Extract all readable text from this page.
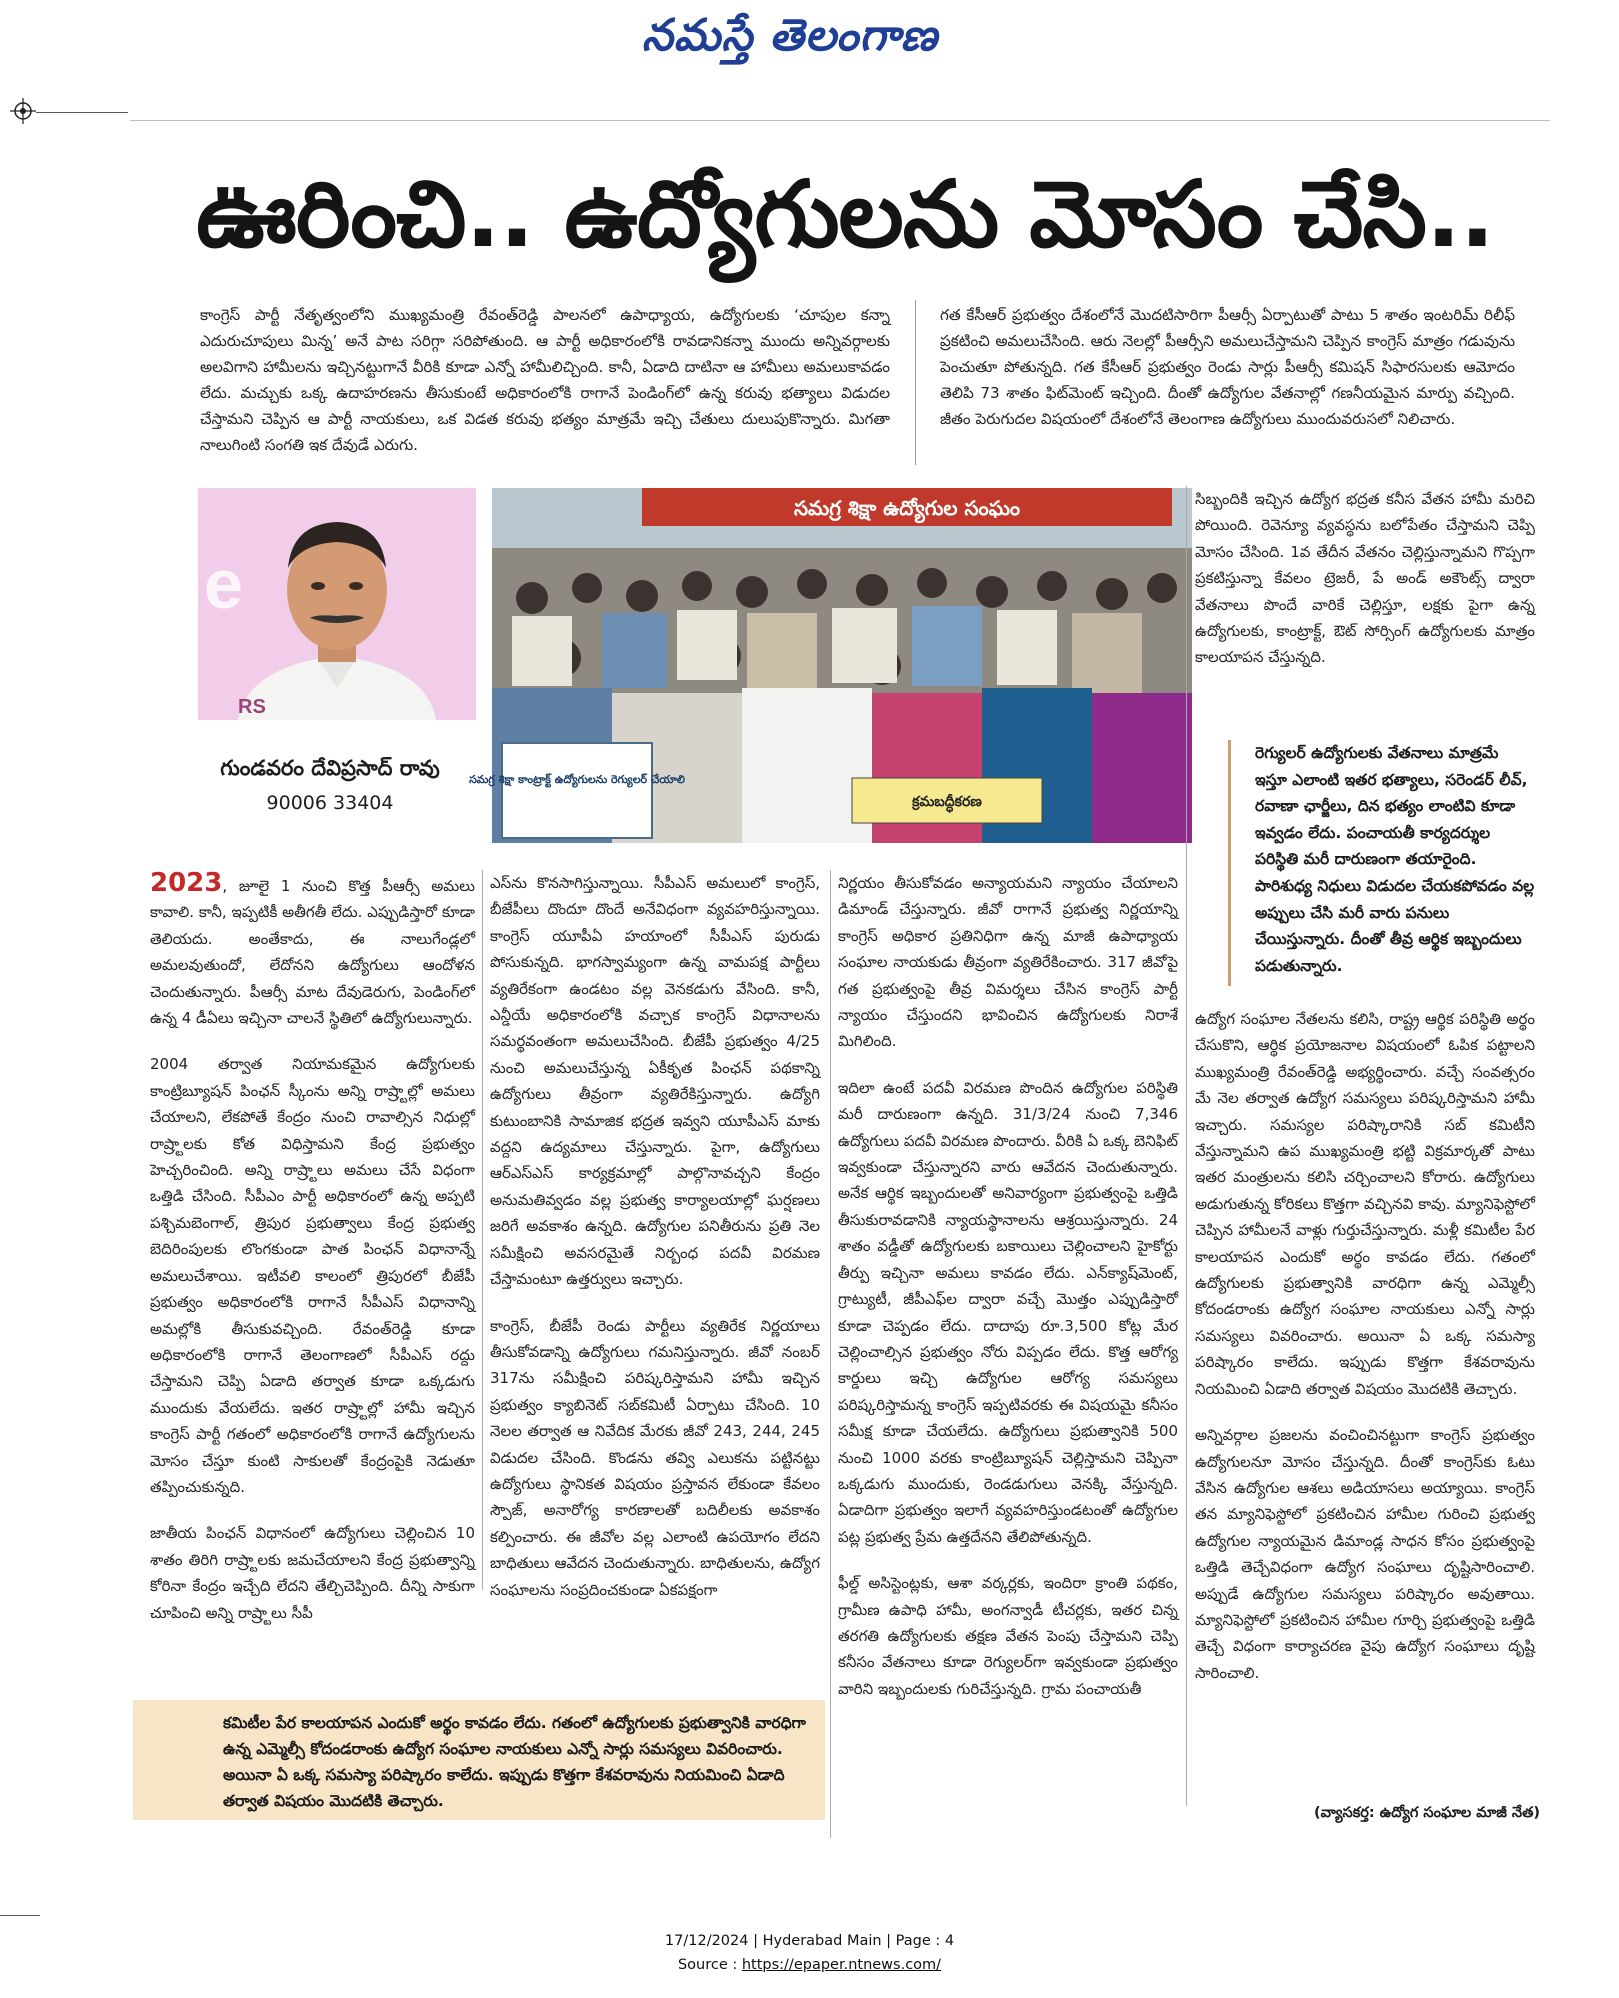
నమస్తే తెలంగాణ
ఊరించి.. ఉద్యోగులను మోసం చేసి..

కాంగ్రెస్ పార్టీ నేతృత్వంలోని ముఖ్యమంత్రి రేవంత్‌రెడ్డి పాలనలో ఉపాధ్యాయ, ఉద్యోగులకు ‘చూపుల కన్నా ఎదురుచూపులు మిన్న’ అనే పాట సరిగ్గా సరిపోతుంది. ఆ పార్టీ అధికారంలోకి రావడానికన్నా ముందు అన్నివర్గాలకు అలవిగాని హామీలను ఇచ్చినట్టుగానే వీరికి కూడా ఎన్నో హామీలిచ్చింది. కానీ, ఏడాది దాటినా ఆ హామీలు అమలుకావడం లేదు. మచ్చుకు ఒక్క ఉదాహరణను తీసుకుంటే అధికారంలోకి రాగానే పెండింగ్‌లో ఉన్న కరువు భత్యాలు విడుదల చేస్తామని చెప్పిన ఆ పార్టీ నాయకులు, ఒక విడత కరువు భత్యం మాత్రమే ఇచ్చి చేతులు దులుపుకొన్నారు. మిగతా నాలుగింటి సంగతి ఇక దేవుడే ఎరుగు.

గత కేసీఆర్ ప్రభుత్వం దేశంలోనే మొదటిసారిగా పీఆర్సీ ఏర్పాటుతో పాటు 5 శాతం ఇంటరిమ్ రిలీఫ్ ప్రకటించి అమలుచేసింది. ఆరు నెలల్లో పీఆర్సీని అమలుచేస్తామని చెప్పిన కాంగ్రెస్ మాత్రం గడువును పెంచుతూ పోతున్నది. గత కేసీఆర్ ప్రభుత్వం రెండు సార్లు పీఆర్సీ కమిషన్ సిఫారసులకు ఆమోదం తెలిపి 73 శాతం ఫిట్‌మెంట్ ఇచ్చింది. దీంతో ఉద్యోగుల వేతనాల్లో గణనీయమైన మార్పు వచ్చింది. జీతం పెరుగుదల విషయంలో దేశంలోనే తెలంగాణ ఉద్యోగులు ముందువరుసలో నిలిచారు.

e
RS
గుండవరం దేవిప్రసాద్ రావు
90006 33404
సమగ్ర శిక్షా ఉద్యోగుల సంఘం
సమగ్ర శిక్షా కాంట్రాక్ట్ ఉద్యోగులను రెగ్యులర్ చేయాలి
క్రమబద్ధీకరణ

2023, జూలై 1 నుంచి కొత్త పీఆర్సీ అమలు కావాలి. కానీ, ఇప్పటికీ అతీగతీ లేదు. ఎప్పుడిస్తారో కూడా తెలియదు. అంతేకాదు, ఈ నాలుగేండ్లలో అమలవుతుందో, లేదోనని ఉద్యోగులు ఆందోళన చెందుతున్నారు. పీఆర్సీ మాట దేవుడెరుగు, పెండింగ్‌లో ఉన్న 4 డీఏలు ఇచ్చినా చాలనే స్థితిలో ఉద్యోగులున్నారు.

2004 తర్వాత నియామకమైన ఉద్యోగులకు కాంట్రిబ్యూషన్ పింఛన్ స్కీంను అన్ని రాష్ర్టాల్లో అమలు చేయాలని, లేకపోతే కేంద్రం నుంచి రావాల్సిన నిధుల్లో రాష్ర్టాలకు కోత విధిస్తామని కేంద్ర ప్రభుత్వం హెచ్చరించింది. అన్ని రాష్ర్టాలు అమలు చేసే విధంగా ఒత్తిడి చేసింది. సీపీఎం పార్టీ అధికారంలో ఉన్న అప్పటి పశ్చిమబెంగాల్, త్రిపుర ప్రభుత్వాలు కేంద్ర ప్రభుత్వ బెదిరింపులకు లొంగకుండా పాత పింఛన్ విధానాన్నే అమలుచేశాయి. ఇటీవలి కాలంలో త్రిపురలో బీజేపీ ప్రభుత్వం అధికారంలోకి రాగానే సీపీఎస్ విధానాన్ని అమల్లోకి తీసుకువచ్చింది. రేవంత్‌రెడ్డి కూడా అధికారంలోకి రాగానే తెలంగాణలో సీపీఎస్ రద్దు చేస్తామని చెప్పి ఏడాది తర్వాత కూడా ఒక్కడుగు ముందుకు వేయలేదు. ఇతర రాష్ర్టాల్లో హామీ ఇచ్చిన కాంగ్రెస్ పార్టీ గతంలో అధికారంలోకి రాగానే ఉద్యోగులను మోసం చేస్తూ కుంటి సాకులతో కేంద్రంపైకి నెడుతూ తప్పించుకున్నది.

జాతీయ పింఛన్ విధానంలో ఉద్యోగులు చెల్లించిన 10 శాతం తిరిగి రాష్ర్టాలకు జమచేయాలని కేంద్ర ప్రభుత్వాన్ని కోరినా కేంద్రం ఇచ్చేది లేదని తేల్చిచెప్పింది. దీన్ని సాకుగా చూపించి అన్ని రాష్ర్టాలు సీపీ

ఎస్‌ను కొనసాగిస్తున్నాయి. సీపీఎస్ అమలులో కాంగ్రెస్, బీజేపీలు దొందూ దొందే అనేవిధంగా వ్యవహరిస్తున్నాయి. కాంగ్రెస్ యూపీఏ హయాంలో సీపీఎస్ పురుడు పోసుకున్నది. భాగస్వామ్యంగా ఉన్న వామపక్ష పార్టీలు వ్యతిరేకంగా ఉండటం వల్ల వెనకడుగు వేసింది. కానీ, ఎన్డీయే అధికారంలోకి వచ్చాక కాంగ్రెస్ విధానాలను సమర్థవంతంగా అమలుచేసింది. బీజేపీ ప్రభుత్వం 4/25 నుంచి అమలుచేస్తున్న ఏకీకృత పింఛన్ పథకాన్ని ఉద్యోగులు తీవ్రంగా వ్యతిరేకిస్తున్నారు. ఉద్యోగి కుటుంబానికి సామాజిక భద్రత ఇవ్వని యూపీఎస్ మాకు వద్దని ఉద్యమాలు చేస్తున్నారు. పైగా, ఉద్యోగులు ఆర్ఎస్ఎస్ కార్యక్రమాల్లో పాల్గొనావచ్చని కేంద్రం అనుమతివ్వడం వల్ల ప్రభుత్వ కార్యాలయాల్లో ఘర్షణలు జరిగే అవకాశం ఉన్నది. ఉద్యోగుల పనితీరును ప్రతి నెల సమీక్షించి అవసరమైతే నిర్బంధ పదవీ విరమణ చేస్తామంటూ ఉత్తర్వులు ఇచ్చారు.

కాంగ్రెస్, బీజేపీ రెండు పార్టీలు వ్యతిరేక నిర్ణయాలు తీసుకోవడాన్ని ఉద్యోగులు గమనిస్తున్నారు. జీవో నంబర్ 317ను సమీక్షించి పరిష్కరిస్తామని హామీ ఇచ్చిన ప్రభుత్వం క్యాబినెట్ సబ్‌కమిటీ ఏర్పాటు చేసింది. 10 నెలల తర్వాత ఆ నివేదిక మేరకు జీవో 243, 244, 245 విడుదల చేసింది. కొండను తవ్వి ఎలుకను పట్టినట్టు ఉద్యోగులు స్థానికత విషయం ప్రస్తావన లేకుండా కేవలం స్పౌజ్, అనారోగ్య కారణాలతో బదిలీలకు అవకాశం కల్పించారు. ఈ జీవోల వల్ల ఎలాంటి ఉపయోగం లేదని బాధితులు ఆవేదన చెందుతున్నారు. బాధితులను, ఉద్యోగ సంఘాలను సంప్రదించకుండా ఏకపక్షంగా

నిర్ణయం తీసుకోవడం అన్యాయమని న్యాయం చేయాలని డిమాండ్ చేస్తున్నారు. జీవో రాగానే ప్రభుత్వ నిర్ణయాన్ని కాంగ్రెస్ అధికార ప్రతినిధిగా ఉన్న మాజీ ఉపాధ్యాయ సంఘాల నాయకుడు తీవ్రంగా వ్యతిరేకించారు. 317 జీవోపై గత ప్రభుత్వంపై తీవ్ర విమర్శలు చేసిన కాంగ్రెస్ పార్టీ న్యాయం చేస్తుందని భావించిన ఉద్యోగులకు నిరాశే మిగిలింది.

ఇదిలా ఉంటే పదవీ విరమణ పొందిన ఉద్యోగుల పరిస్థితి మరీ దారుణంగా ఉన్నది. 31/3/24 నుంచి 7,346 ఉద్యోగులు పదవీ విరమణ పొందారు. వీరికి ఏ ఒక్క బెనిఫిట్ ఇవ్వకుండా చేస్తున్నారని వారు ఆవేదన చెందుతున్నారు. అనేక ఆర్థిక ఇబ్బందులతో అనివార్యంగా ప్రభుత్వంపై ఒత్తిడి తీసుకురావడానికి న్యాయస్థానాలను ఆశ్రయిస్తున్నారు. 24 శాతం వడ్డీతో ఉద్యోగులకు బకాయిలు చెల్లించాలని హైకోర్టు తీర్పు ఇచ్చినా అమలు కావడం లేదు. ఎన్‌క్యాష్‌మెంట్, గ్రాట్యుటీ, జీపీఎఫ్‌ల ద్వారా వచ్చే మొత్తం ఎప్పుడిస్తారో కూడా చెప్పడం లేదు. దాదాపు రూ.3,500 కోట్ల మేర చెల్లించాల్సిన ప్రభుత్వం నోరు విప్పడం లేదు. కొత్త ఆరోగ్య కార్డులు ఇచ్చి ఉద్యోగుల ఆరోగ్య సమస్యలు పరిష్కరిస్తామన్న కాంగ్రెస్ ఇప్పటివరకు ఈ విషయమై కనీసం సమీక్ష కూడా చేయలేదు. ఉద్యోగులు ప్రభుత్వానికి 500 నుంచి 1000 వరకు కాంట్రిబ్యూషన్ చెల్లిస్తామని చెప్పినా ఒక్కడుగు ముందుకు, రెండడుగులు వెనక్కి వేస్తున్నది. ఏడాదిగా ప్రభుత్వం ఇలాగే వ్యవహరిస్తుండటంతో ఉద్యోగుల పట్ల ప్రభుత్వ ప్రేమ ఉత్తదేనని తేలిపోతున్నది.

ఫీల్డ్ అసిస్టెంట్లకు, ఆశా వర్కర్లకు, ఇందిరా క్రాంతి పథకం, గ్రామీణ ఉపాధి హామీ, అంగన్వాడీ టీచర్లకు, ఇతర చిన్న తరగతి ఉద్యోగులకు తక్షణ వేతన పెంపు చేస్తామని చెప్పి కనీసం వేతనాలు కూడా రెగ్యులర్‌గా ఇవ్వకుండా ప్రభుత్వం వారిని ఇబ్బందులకు గురిచేస్తున్నది. గ్రామ పంచాయతీ

సిబ్బందికి ఇచ్చిన ఉద్యోగ భద్రత కనీస వేతన హామీ మరిచి పోయింది. రెవెన్యూ వ్యవస్థను బలోపేతం చేస్తామని చెప్పి మోసం చేసింది. 1వ తేదీన వేతనం చెల్లిస్తున్నామని గొప్పగా ప్రకటిస్తున్నా కేవలం ట్రెజరీ, పే అండ్ అకౌంట్స్ ద్వారా వేతనాలు పొందే వారికే చెల్లిస్తూ, లక్షకు పైగా ఉన్న ఉద్యోగులకు, కాంట్రాక్ట్, ఔట్ సోర్సింగ్ ఉద్యోగులకు మాత్రం కాలయాపన చేస్తున్నది.

రెగ్యులర్ ఉద్యోగులకు వేతనాలు మాత్రమే ఇస్తూ ఎలాంటి ఇతర భత్యాలు, సరెండర్ లీవ్, రవాణా ఛార్జీలు, దిన భత్యం లాంటివి కూడా ఇవ్వడం లేదు. పంచాయతీ కార్యదర్శుల పరిస్థితి మరీ దారుణంగా తయారైంది. పారిశుధ్య నిధులు విడుదల చేయకపోవడం వల్ల అప్పులు చేసి మరీ వారు పనులు చేయిస్తున్నారు. దీంతో తీవ్ర ఆర్థిక ఇబ్బందులు పడుతున్నారు.

ఉద్యోగ సంఘాల నేతలను కలిసి, రాష్ట్ర ఆర్థిక పరిస్థితి అర్థం చేసుకొని, ఆర్థిక ప్రయోజనాల విషయంలో ఓపిక పట్టాలని ముఖ్యమంత్రి రేవంత్‌రెడ్డి అభ్యర్థించారు. వచ్చే సంవత్సరం మే నెల తర్వాత ఉద్యోగ సమస్యలు పరిష్కరిస్తామని హామీ ఇచ్చారు. సమస్యల పరిష్కారానికి సబ్ కమిటీని వేస్తున్నామని ఉప ముఖ్యమంత్రి భట్టి విక్రమార్కతో పాటు ఇతర మంత్రులను కలిసి చర్చించాలని కోరారు. ఉద్యోగులు అడుగుతున్న కోరికలు కొత్తగా వచ్చినవి కావు. మ్యానిఫెస్టోలో చెప్పిన హామీలనే వాళ్లు గుర్తుచేస్తున్నారు. మళ్లీ కమిటీల పేర కాలయాపన ఎందుకో అర్థం కావడం లేదు. గతంలో ఉద్యోగులకు ప్రభుత్వానికి వారధిగా ఉన్న ఎమ్మెల్సీ కోదండరాంకు ఉద్యోగ సంఘాల నాయకులు ఎన్నో సార్లు సమస్యలు వివరించారు. అయినా ఏ ఒక్క సమస్యా పరిష్కారం కాలేదు. ఇప్పుడు కొత్తగా కేశవరావును నియమించి ఏడాది తర్వాత విషయం మొదటికి తెచ్చారు.

అన్నివర్గాల ప్రజలను వంచించినట్టుగా కాంగ్రెస్ ప్రభుత్వం ఉద్యోగులనూ మోసం చేస్తున్నది. దీంతో కాంగ్రెస్‌కు ఓటు వేసిన ఉద్యోగుల ఆశలు అడియాసలు అయ్యాయి. కాంగ్రెస్ తన మ్యానిఫెస్టోలో ప్రకటించిన హామీల గురించి ప్రభుత్వ ఉద్యోగుల న్యాయమైన డిమాండ్ల సాధన కోసం ప్రభుత్వంపై ఒత్తిడి తెచ్చేవిధంగా ఉద్యోగ సంఘాలు దృష్టిసారించాలి. అప్పుడే ఉద్యోగుల సమస్యలు పరిష్కారం అవుతాయి. మ్యానిఫెస్టోలో ప్రకటించిన హామీల గూర్చి ప్రభుత్వంపై ఒత్తిడి తెచ్చే విధంగా కార్యాచరణ వైపు ఉద్యోగ సంఘాలు దృష్టి సారించాలి.

కమిటీల పేర కాలయాపన ఎందుకో అర్థం కావడం లేదు. గతంలో ఉద్యోగులకు ప్రభుత్వానికి వారధిగా ఉన్న ఎమ్మెల్సీ కోదండరాంకు ఉద్యోగ సంఘాల నాయకులు ఎన్నో సార్లు సమస్యలు వివరించారు. అయినా ఏ ఒక్క సమస్యా పరిష్కారం కాలేదు. ఇప్పుడు కొత్తగా కేశవరావును నియమించి ఏడాది తర్వాత విషయం మొదటికి తెచ్చారు.
(వ్యాసకర్త: ఉద్యోగ సంఘాల మాజీ నేత)
17/12/2024 | Hyderabad Main | Page : 4
Source : https://epaper.ntnews.com/
